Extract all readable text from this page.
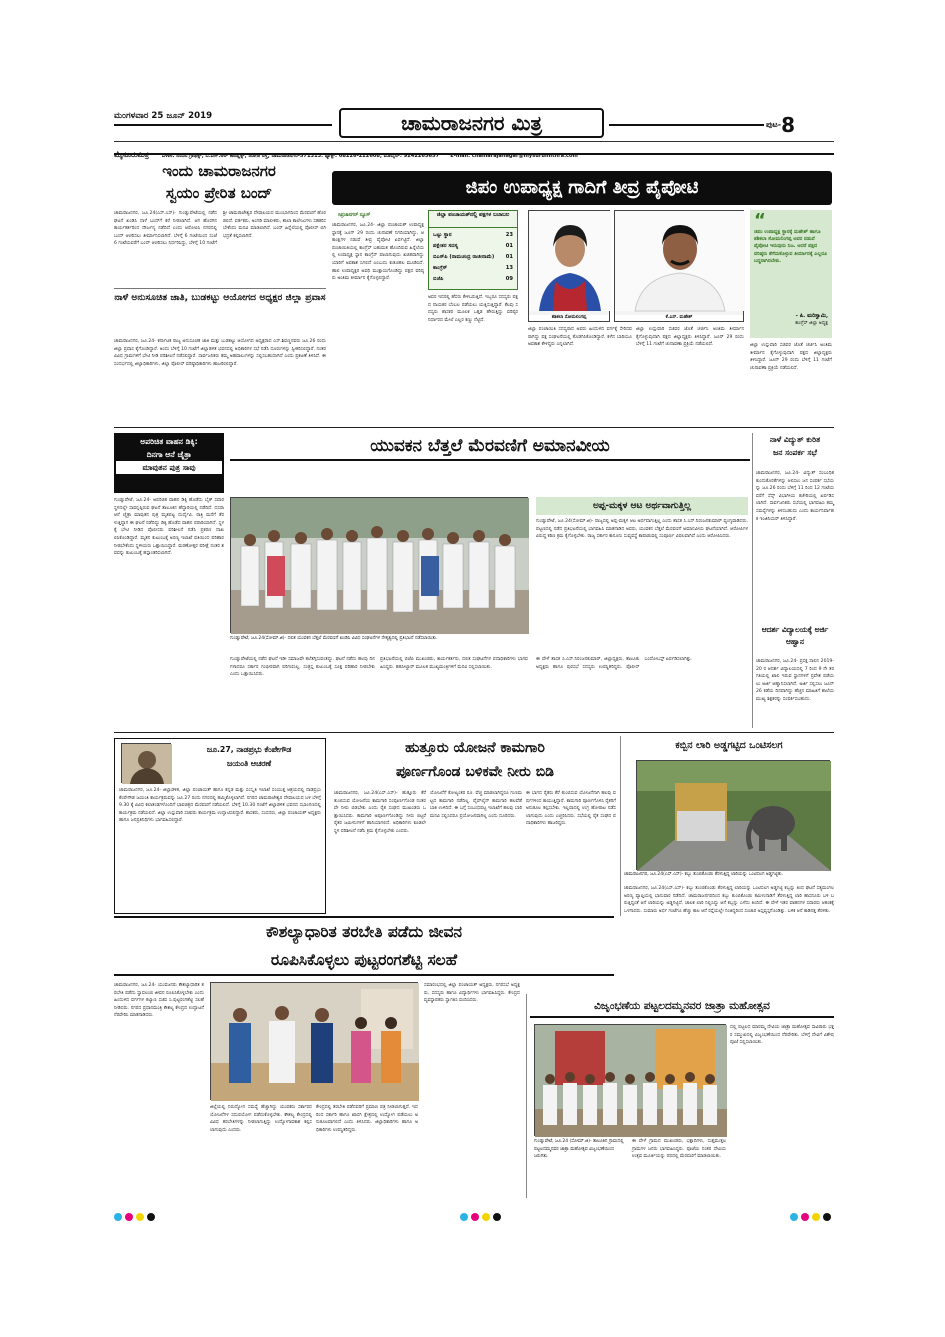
ಮಂಗಳವಾರ 25 ಜೂನ್ 2019	ಚಾಮರಾಜನಗರ ಮಿತ್ರ	ಪುಟ-8
ಮೈಸೂರುಮಿತ್ರ	ವಿಳಾಸ: ನಂದಿನಿ ಗ್ರಾಫಿಕ್ಸ್, ಬಿ.ಎಸ್.ಆರ್ ಕಾಂಪ್ಲೆಕ್ಸ್, ಜೋಡಿ ರಸ್ತೆ, ಚಾಮರಾಜನಗರ-571313. ಫ್ಯಾಕ್ಸ್: 08226-222608, ಮೊಬೈಲ್: 9242265657 E-mail: chamarajanagar@mysurumithra.com
ಇಂದು ಚಾಮರಾಜನಗರ
ಸ್ವಯಂ ಪ್ರೇರಿತ ಬಂದ್
ಚಾಮರಾಜನಗರ, ಜೂ.24(ಎಸ್.ಎಸ್)- ಗುಂಡ್ಲುಪೇಟೆಯಲ್ಲಿ ನಡೆದ ಘಟನೆ ಖಂಡಿಸಿ ನಾಳೆ ಬಂದ್‌ಗೆ ಕರೆ ನೀಡಲಾಗಿದೆ. ಆಗ ಹೊರಗಿನ ಕಾರ್ಯಕರ್ತರಿಂದ ದೌರ್ಜನ್ಯ ನಡೆದಿದೆ ಎಂದು ಆರೋಪಿಸಿ ನಗರದಲ್ಲಿ ಬಂದ್ ಆಚರಿಸಲು ತೀರ್ಮಾನಿಸಲಾಗಿದೆ. ಬೆಳಿಗ್ಗೆ 6 ಗಂಟೆಯಿಂದ ಸಂಜೆ 6 ಗಂಟೆಯವರೆಗೆ ಬಂದ್ ಆಚರಿಸಲು ನಿರ್ಧರಿಸಿದ್ದು, ಬೆಳಿಗ್ಗೆ 10 ಗಂಟೆಗೆ ಶ್ರೀ ಚಾಮರಾಜೇಶ್ವರ ದೇವಾಲಯದ ಮುಂಭಾಗದಿಂದ ಮೆರವಣಿಗೆ ಹೊರಡಲಿದೆ. ವರ್ತಕರು, ಅಂಗಡಿ ಮಾಲೀಕರು, ಶಾಲಾ ಕಾಲೇಜುಗಳು ಸಹಕರಿಸಬೇಕೆಂದು ಮನವಿ ಮಾಡಲಾಗಿದೆ. ಬಂದ್ ಹಿನ್ನೆಲೆಯಲ್ಲಿ ಪೊಲೀಸ್ ಬಿಗಿ ಭದ್ರತೆ ಕಲ್ಪಿಸಲಾಗಿದೆ.
ನಾಳೆ ಅನುಸೂಚಿತ ಜಾತಿ, ಬುಡಕಟ್ಟು ಆಯೋಗದ ಅಧ್ಯಕ್ಷರ ಜಿಲ್ಲಾ ಪ್ರವಾಸ
ಚಾಮರಾಜನಗರ, ಜೂ.24- ಕರ್ನಾಟಕ ರಾಜ್ಯ ಅನುಸೂಚಿತ ಜಾತಿ ಮತ್ತು ಬುಡಕಟ್ಟು ಆಯೋಗದ ಅಧ್ಯಕ್ಷರಾದ ಎಸ್.ಶಿವಣ್ಣನವರು ಜೂ.26 ರಂದು ಜಿಲ್ಲಾ ಪ್ರವಾಸ ಕೈಗೊಂಡಿದ್ದಾರೆ. ಅಂದು ಬೆಳಿಗ್ಗೆ 10 ಗಂಟೆಗೆ ಜಿಲ್ಲಾಡಳಿತ ಭವನದಲ್ಲಿ ಅಧಿಕಾರಿಗಳ ಸಭೆ ನಡೆಸಿ ದೂರುಗಳನ್ನು ಸ್ವೀಕರಿಸಲಿದ್ದಾರೆ. ನಂತರ ವಿವಿಧ ಗ್ರಾಮಗಳಿಗೆ ಭೇಟಿ ನೀಡಿ ಪರಿಶೀಲನೆ ನಡೆಸಲಿದ್ದಾರೆ. ಸಾರ್ವಜನಿಕರು ತಮ್ಮ ಅಹವಾಲುಗಳನ್ನು ಸಲ್ಲಿಸಬಹುದಾಗಿದೆ ಎಂದು ಪ್ರಕಟಣೆ ತಿಳಿಸಿದೆ. ಈ ಸಂದರ್ಭದಲ್ಲಿ ಜಿಲ್ಲಾಧಿಕಾರಿಗಳು, ಜಿಲ್ಲಾ ಪೊಲೀಸ್ ವರಿಷ್ಠಾಧಿಕಾರಿಗಳು ಹಾಜರಿರಲಿದ್ದಾರೆ.
ಜಿಪಂ ಉಪಾಧ್ಯಕ್ಷ ಗಾದಿಗೆ ತೀವ್ರ ಪೈಪೋಟಿ
ಸಿಪ್ರಜಾನಗರ್ ನ್ಯೂಸ್
ಚಾಮರಾಜನಗರ, ಜೂ.24- ಜಿಲ್ಲಾ ಪಂಚಾಯತ್ ಉಪಾಧ್ಯಕ್ಷ ಸ್ಥಾನಕ್ಕೆ ಜೂನ್ 29 ರಂದು ಚುನಾವಣೆ ನಿಗದಿಯಾಗಿದ್ದು, ಆಕಾಂಕ್ಷಿಗಳ ನಡುವೆ ತೀವ್ರ ಪೈಪೋಟಿ ಏರ್ಪಟ್ಟಿದೆ. ಜಿಲ್ಲಾ ಪಂಚಾಯಿತಿಯಲ್ಲಿ ಕಾಂಗ್ರೆಸ್ ಬಹುಮತ ಹೊಂದಿರುವ ಹಿನ್ನೆಲೆಯಲ್ಲಿ ಉಪಾಧ್ಯಕ್ಷ ಸ್ಥಾನ ಕಾಂಗ್ರೆಸ್ ಪಾಲಾಗುವುದು ಖಚಿತವಾಗಿದ್ದು ಯಾರಿಗೆ ಅವಕಾಶ ಸಿಗಲಿದೆ ಎಂಬುದು ಕುತೂಹಲ ಮೂಡಿಸಿದೆ. ಹಾಲಿ ಉಪಾಧ್ಯಕ್ಷರ ಅವಧಿ ಮುಕ್ತಾಯಗೊಂಡಿದ್ದು ಪಕ್ಷದ ವರಿಷ್ಠರು ಅಂತಿಮ ತೀರ್ಮಾನ ಕೈಗೊಳ್ಳಲಿದ್ದಾರೆ.
ಜಿಲ್ಲಾ ಪಂಚಾಯತ್‌ನಲ್ಲಿ ಪಕ್ಷಗಳ ಬಲಾಬಲ
ಒಟ್ಟು ಸ್ಥಾನ	23
ಪಕ್ಷೇತರ ಸದಸ್ಯ	01
ಬಿಎಸ್‌ಪಿ (ರಾಮಚಂದ್ರ ರಾಜೀನಾಮೆ) 01
ಕಾಂಗ್ರೆಸ್	13
ಬಿಜೆಪಿ	09
ಅವರ ಇದರಲ್ಲಿ ಹೆಸರು ಕೇಳಿಬರುತ್ತಿದೆ. ಇಬ್ಬರೂ ಸದಸ್ಯರು ಪಕ್ಷದ ನಾಯಕರ ಬೆಂಬಲ ಪಡೆಯಲು ಯತ್ನಿಸುತ್ತಿದ್ದಾರೆ. ಕೆಲವು ಸದಸ್ಯರು ಶಾಸಕರ ಮೂಲಕ ಒತ್ತಡ ಹೇರುತ್ತಿದ್ದು ವರಿಷ್ಠರ ನಿರ್ಧಾರದ ಮೇಲೆ ಎಲ್ಲರ ಕಣ್ಣು ನೆಟ್ಟಿದೆ.
ಶಶಿಕಲಾ ಸೋಮಲಿಂಗಪ್ಪ	ಕೆ.ಎಸ್. ಮಹೇಶ್
ಜಿಲ್ಲಾ ಪಂಚಾಯಿತಿ ಸದಸ್ಯರಾದ ಅವರು ಹಿಂದುಳಿದ ವರ್ಗಕ್ಕೆ ಸೇರಿದವರಾಗಿದ್ದು ಪಕ್ಷ ಸಂಘಟನೆಯಲ್ಲಿ ತೊಡಗಿಸಿಕೊಂಡಿದ್ದಾರೆ. ಕಳೆದ ಬಾರಿಯೂ ಅವಕಾಶ ಕೇಳಿದ್ದರು ಎನ್ನಲಾಗಿದೆ.
ಜಿಲ್ಲಾ ಉಸ್ತುವಾರಿ ಸಚಿವರ ಜೊತೆ ಚರ್ಚಿಸಿ ಅಂತಿಮ ತೀರ್ಮಾನ ಕೈಗೊಳ್ಳುವುದಾಗಿ ಪಕ್ಷದ ಜಿಲ್ಲಾಧ್ಯಕ್ಷರು ತಿಳಿಸಿದ್ದಾರೆ. ಜೂನ್ 29 ರಂದು ಬೆಳಿಗ್ಗೆ 11 ಗಂಟೆಗೆ ಚುನಾವಣಾ ಪ್ರಕ್ರಿಯೆ ನಡೆಯಲಿದೆ.
“
ಜಿಪಂ ಉಪಾಧ್ಯಕ್ಷ ಸ್ಥಾನಕ್ಕೆ ಮಹೇಶ್ ಹಾಗೂ ಶಶಿಕಲಾ ಸೋಮಲಿಂಗಪ್ಪ ಅವರ ನಡುವೆ ಪೈಪೋಟಿ ಇರುವುದು ನಿಜ. ಆದರೆ ಪಕ್ಷದ ವರಿಷ್ಠರು ತೆಗೆದುಕೊಳ್ಳುವ ತೀರ್ಮಾನಕ್ಕೆ ಎಲ್ಲರೂ ಬದ್ಧರಾಗಿರಬೇಕು.
- ಪಿ. ಮರಿಸ್ವಾಮಿ,
ಕಾಂಗ್ರೆಸ್ ಜಿಲ್ಲಾ ಅಧ್ಯಕ್ಷ
ಜಿಲ್ಲಾ ಉಸ್ತುವಾರಿ ಸಚಿವರ ಜೊತೆ ಚರ್ಚಿಸಿ ಅಂತಿಮ ತೀರ್ಮಾನ ಕೈಗೊಳ್ಳುವುದಾಗಿ ಪಕ್ಷದ ಜಿಲ್ಲಾಧ್ಯಕ್ಷರು ತಿಳಿಸಿದ್ದಾರೆ. ಜೂನ್ 29 ರಂದು ಬೆಳಿಗ್ಗೆ 11 ಗಂಟೆಗೆ ಚುನಾವಣಾ ಪ್ರಕ್ರಿಯೆ ನಡೆಯಲಿದೆ.
ಅಪರಿಚಿತ ವಾಹನ ಡಿಕ್ಕಿ:
ದಿನಗಾ ಆನೆ ಚೈತ್ರಾ
ಮಾವುತನ ಪುತ್ರ ಸಾವು
ಗುಂಡ್ಲುಪೇಟೆ, ಜೂ.24- ಅಪರಿಚಿತ ವಾಹನ ಡಿಕ್ಕಿ ಹೊಡೆದು ಬೈಕ್ ಸವಾರ ಸ್ಥಳದಲ್ಲೇ ಸಾವನ್ನಪ್ಪಿರುವ ಘಟನೆ ತಾಲೂಕಿನ ಹೆದ್ದಾರಿಯಲ್ಲಿ ನಡೆದಿದೆ. ದಸರಾ ಆನೆ ಚೈತ್ರಾ ಮಾವುತನ ಪುತ್ರ ಮೃತಪಟ್ಟ ದುರ್ದೈವಿ. ರಾತ್ರಿ ಮನೆಗೆ ತೆರಳುತ್ತಿದ್ದಾಗ ಈ ಘಟನೆ ನಡೆದಿದ್ದು ಡಿಕ್ಕಿ ಹೊಡೆದ ವಾಹನ ಪರಾರಿಯಾಗಿದೆ. ಸ್ಥಳಕ್ಕೆ ಭೇಟಿ ನೀಡಿದ ಪೊಲೀಸರು ಪರಿಶೀಲನೆ ನಡೆಸಿ ಪ್ರಕರಣ ದಾಖಲಿಸಿಕೊಂಡಿದ್ದಾರೆ. ಮೃತನ ಕುಟುಂಬಕ್ಕೆ ಅರಣ್ಯ ಇಲಾಖೆ ವತಿಯಿಂದ ಪರಿಹಾರ ನೀಡಬೇಕೆಂದು ಸ್ಥಳೀಯರು ಒತ್ತಾಯಿಸಿದ್ದಾರೆ. ಮರಣೋತ್ತರ ಪರೀಕ್ಷೆ ನಂತರ ಶವವನ್ನು ಕುಟುಂಬಕ್ಕೆ ಹಸ್ತಾಂತರಿಸಲಾಗಿದೆ.
ಯುವಕನ ಬೆತ್ತಲೆ ಮೆರವಣಿಗೆ ಅಮಾನವೀಯ
ಗುಂಡ್ಲುಪೇಟೆ, ಜೂ.24(ಸೋಮ್.ಜಿ)- ದಲಿತ ಯುವಕನ ಬೆತ್ತಲೆ ಮೆರವಣಿಗೆ ಖಂಡಿಸಿ ವಿವಿಧ ಸಂಘಟನೆಗಳ ನೇತೃತ್ವದಲ್ಲಿ ಪ್ರತಿಭಟನೆ ನಡೆಸಲಾಯಿತು.
ಗುಂಡ್ಲುಪೇಟೆಯಲ್ಲಿ ನಡೆದ ಘಟನೆ ಇಡೀ ಸಮಾಜವೇ ತಲೆತಗ್ಗಿಸುವಂತದ್ದು. ಘಟನೆ ನಡೆದು ಹಲವು ದಿನಗಳಾದರೂ ಸರ್ಕಾರ ಗಂಭೀರವಾಗಿ ಪರಿಗಣಿಸಿಲ್ಲ. ಸಂತ್ರಸ್ತ ಕುಟುಂಬಕ್ಕೆ ಸೂಕ್ತ ಪರಿಹಾರ ನೀಡಬೇಕು ಎಂದು ಒತ್ತಾಯಿಸಿದರು.
ಪ್ರತಿಭಟನೆಯಲ್ಲಿ ಬಿಜೆಪಿ ಮುಖಂಡರು, ಕಾರ್ಯಕರ್ತರು, ದಲಿತ ಸಂಘಟನೆಗಳ ಪದಾಧಿಕಾರಿಗಳು ಭಾಗವಹಿಸಿದ್ದರು. ತಹಸೀಲ್ದಾರ್ ಮೂಲಕ ಮುಖ್ಯಮಂತ್ರಿಗಳಿಗೆ ಮನವಿ ಸಲ್ಲಿಸಲಾಯಿತು.
ಅಪ್ಪ-ಮಕ್ಕಳ ಆಟ ಅರ್ಥವಾಗುತ್ತಿಲ್ಲ
ಗುಂಡ್ಲುಪೇಟೆ, ಜೂ.24(ಸೋಮ್.ಜಿ)- ರಾಜ್ಯದಲ್ಲಿ ಅಪ್ಪ-ಮಕ್ಕಳ ಆಟ ಅರ್ಥವಾಗುತ್ತಿಲ್ಲ ಎಂದು ಶಾಸಕ ಸಿ.ಎಸ್.ನಿರಂಜನಕುಮಾರ್ ವ್ಯಂಗ್ಯವಾಡಿದರು. ಪಟ್ಟಣದಲ್ಲಿ ನಡೆದ ಪ್ರತಿಭಟನೆಯಲ್ಲಿ ಭಾಗವಹಿಸಿ ಮಾತನಾಡಿದ ಅವರು, ಯುವಕನ ಬೆತ್ತಲೆ ಮೆರವಣಿಗೆ ಅಮಾನವೀಯ ಘಟನೆಯಾಗಿದೆ. ಆರೋಪಿಗಳ ವಿರುದ್ಧ ಕಠಿಣ ಕ್ರಮ ಕೈಗೊಳ್ಳಬೇಕು. ರಾಜ್ಯ ಸರ್ಕಾರ ಕಾನೂನು ಸುವ್ಯವಸ್ಥೆ ಕಾಪಾಡುವಲ್ಲಿ ಸಂಪೂರ್ಣ ವಿಫಲವಾಗಿದೆ ಎಂದು ಆರೋಪಿಸಿದರು.
ಈ ವೇಳೆ ಶಾಸಕ ಸಿ.ಎಸ್.ನಿರಂಜನಕುಮಾರ್, ಜಿಲ್ಲಾಧ್ಯಕ್ಷರು, ತಾಲೂಕು ಅಧ್ಯಕ್ಷರು ಹಾಗೂ ಪುರಸಭೆ ಸದಸ್ಯರು ಉಪಸ್ಥಿತರಿದ್ದರು. ಪೊಲೀಸ್ ಬಂದೋಬಸ್ತ್ ಏರ್ಪಡಿಸಲಾಗಿತ್ತು.
ನಾಳೆ ವಿದ್ಯುತ್ ಕುರಿತ
ಜನ ಸಂಪರ್ಕ ಸಭೆ
ಚಾಮರಾಜನಗರ, ಜೂ.24- ವಿದ್ಯುತ್ ಸಂಬಂಧಿತ ಕುಂದುಕೊರತೆಗಳನ್ನು ಆಲಿಸಲು ಜನ ಸಂಪರ್ಕ ಸಭೆಯನ್ನು ಜೂ.26 ರಂದು ಬೆಳಿಗ್ಗೆ 11 ರಿಂದ 12 ಗಂಟೆಯವರೆಗೆ ಸೆಸ್ಕ್ ವಿಭಾಗೀಯ ಕಚೇರಿಯಲ್ಲಿ ಏರ್ಪಡಿಸಲಾಗಿದೆ. ಸಾರ್ವಜನಿಕರು ಸಭೆಯಲ್ಲಿ ಭಾಗವಹಿಸಿ ತಮ್ಮ ಸಮಸ್ಯೆಗಳನ್ನು ತಿಳಿಸಬಹುದು ಎಂದು ಕಾರ್ಯನಿರ್ವಾಹಕ ಇಂಜಿನಿಯರ್ ತಿಳಿಸಿದ್ದಾರೆ.
ಆದರ್ಶ ವಿದ್ಯಾಲಯಕ್ಕೆ ಅರ್ಜಿ ಆಹ್ವಾನ
ಚಾಮರಾಜನಗರ, ಜೂ.24- ಪ್ರಸಕ್ತ ಸಾಲಿನ 2019-20 ರ ಆದರ್ಶ ವಿದ್ಯಾಲಯದಲ್ಲಿ 7 ರಿಂದ 9 ನೇ ತರಗತಿಯಲ್ಲಿ ಖಾಲಿ ಇರುವ ಸ್ಥಾನಗಳಿಗೆ ಪ್ರವೇಶ ಪಡೆಯಲು ಅರ್ಜಿ ಆಹ್ವಾನಿಸಲಾಗಿದೆ. ಅರ್ಜಿ ಸಲ್ಲಿಸಲು ಜೂನ್ 26 ಕಡೆಯ ದಿನವಾಗಿದ್ದು ಹೆಚ್ಚಿನ ಮಾಹಿತಿಗೆ ಶಾಲೆಯ ಮುಖ್ಯ ಶಿಕ್ಷಕರನ್ನು ಸಂಪರ್ಕಿಸಬಹುದು.
ಜೂ.27, ನಾಡಪ್ರಭು ಕೆಂಪೇಗೌಡ
ಜಯಂತಿ ಆಚರಣೆ
ಚಾಮರಾಜನಗರ, ಜೂ.24- ಜಿಲ್ಲಾಡಳಿತ, ಜಿಲ್ಲಾ ಪಂಚಾಯತ್ ಹಾಗೂ ಕನ್ನಡ ಮತ್ತು ಸಂಸ್ಕೃತಿ ಇಲಾಖೆ ಸಂಯುಕ್ತ ಆಶ್ರಯದಲ್ಲಿ ನಾಡಪ್ರಭು ಕೆಂಪೇಗೌಡ ಜಯಂತಿ ಕಾರ್ಯಕ್ರಮವನ್ನು ಜೂ.27 ರಂದು ನಗರದಲ್ಲಿ ಹಮ್ಮಿಕೊಳ್ಳಲಾಗಿದೆ. ನಗರದ ಚಾಮರಾಜೇಶ್ವರ ದೇವಾಲಯದ ಬಳಿ ಬೆಳಿಗ್ಗೆ 9.30 ಕ್ಕೆ ವಿವಿಧ ಕಲಾತಂಡಗಳೊಂದಿಗೆ ಭಾವಚಿತ್ರದ ಮೆರವಣಿಗೆ ನಡೆಯಲಿದೆ. ಬೆಳಿಗ್ಗೆ 10.30 ಗಂಟೆಗೆ ಜಿಲ್ಲಾಡಳಿತ ಭವನದ ಸಭಾಂಗಣದಲ್ಲಿ ಕಾರ್ಯಕ್ರಮ ನಡೆಯಲಿದೆ. ಜಿಲ್ಲಾ ಉಸ್ತುವಾರಿ ಸಚಿವರು ಕಾರ್ಯಕ್ರಮ ಉದ್ಘಾಟಿಸಲಿದ್ದಾರೆ. ಶಾಸಕರು, ಸಂಸದರು, ಜಿಲ್ಲಾ ಪಂಚಾಯತ್ ಅಧ್ಯಕ್ಷರು ಹಾಗೂ ಜನಪ್ರತಿನಿಧಿಗಳು ಭಾಗವಹಿಸಲಿದ್ದಾರೆ.
ಹುತ್ತೂರು ಯೋಜನೆ ಕಾಮಗಾರಿ
ಪೂರ್ಣಗೊಂಡ ಬಳಿಕವೇ ನೀರು ಬಿಡಿ
ಚಾಮರಾಜನಗರ, ಜೂ.24(ಎಸ್.ಎಸ್)- ಹುತ್ತೂರು ಕೆರೆ ತುಂಬಿಸುವ ಯೋಜನೆಯ ಕಾಮಗಾರಿ ಸಂಪೂರ್ಣಗೊಂಡ ನಂತರವೇ ನೀರು ಬಿಡಬೇಕು ಎಂದು ರೈತ ಸಂಘದ ಮುಖಂಡರು ಒತ್ತಾಯಿಸಿದರು. ಕಾಮಗಾರಿ ಅಪೂರ್ಣಗೊಂಡಿದ್ದು ನೀರು ಬಿಟ್ಟರೆ ರೈತರ ಜಮೀನುಗಳಿಗೆ ಹಾನಿಯಾಗಲಿದೆ. ಅಧಿಕಾರಿಗಳು ಕೂಡಲೇ ಸ್ಥಳ ಪರಿಶೀಲನೆ ನಡೆಸಿ ಕ್ರಮ ಕೈಗೊಳ್ಳಬೇಕು ಎಂದರು.
ಯೋಜನೆಗೆ ಕೋಟ್ಯಂತರ ರೂ. ವೆಚ್ಚ ಮಾಡಲಾಗಿದ್ದರೂ ಗುಣಮಟ್ಟದ ಕಾಮಗಾರಿ ನಡೆದಿಲ್ಲ. ಪೈಪ್‌ಲೈನ್ ಕಾಮಗಾರಿ ಹಲವೆಡೆ ಬಾಕಿ ಉಳಿದಿದೆ. ಈ ಬಗ್ಗೆ ಸಂಬಂಧಪಟ್ಟ ಇಲಾಖೆಗೆ ಹಲವು ಬಾರಿ ಮನವಿ ಸಲ್ಲಿಸಿದರೂ ಪ್ರಯೋಜನವಾಗಿಲ್ಲ ಎಂದು ದೂರಿದರು.
ಈ ಭಾಗದ ರೈತರು ಕೆರೆ ತುಂಬಿಸುವ ಯೋಜನೆಗಾಗಿ ಹಲವು ವರ್ಷಗಳಿಂದ ಕಾಯುತ್ತಿದ್ದಾರೆ. ಕಾಮಗಾರಿ ಪೂರ್ಣಗೊಳಿಸಿ ರೈತರಿಗೆ ಅನುಕೂಲ ಕಲ್ಪಿಸಬೇಕು. ಇಲ್ಲವಾದಲ್ಲಿ ಉಗ್ರ ಹೋರಾಟ ನಡೆಸಲಾಗುವುದು ಎಂದು ಎಚ್ಚರಿಸಿದರು. ಸಭೆಯಲ್ಲಿ ರೈತ ಸಂಘದ ಪದಾಧಿಕಾರಿಗಳು ಹಾಜರಿದ್ದರು.
ಕಬ್ಬಿನ ಲಾರಿ ಅಡ್ಡಗಟ್ಟಿದ ಒಂಟಿಸಲಗ
ಚಾಮರಾಜನಗರ, ಜೂ.24(ಎಸ್.ಎಸ್)- ಕಬ್ಬು ತುಂಬಿಕೊಂಡು ತೆರಳುತ್ತಿದ್ದ ಲಾರಿಯನ್ನು ಒಂಟಿಸಲಗ ಅಡ್ಡಗಟ್ಟಿತು.
ಚಾಮರಾಜನಗರ, ಜೂ.24(ಎಸ್.ಎಸ್)- ಕಬ್ಬು ತುಂಬಿಕೊಂಡು ತೆರಳುತ್ತಿದ್ದ ಲಾರಿಯನ್ನು ಒಂಟಿಸಲಗ ಅಡ್ಡಗಟ್ಟಿ ಕಬ್ಬನ್ನು ತಿಂದ ಘಟನೆ ಸತ್ಯಮಂಗಲ ಅರಣ್ಯ ವ್ಯಾಪ್ತಿಯಲ್ಲಿ ಭಾನುವಾರ ನಡೆದಿದೆ. ಚಾಮರಾಜನಗರದಿಂದ ಕಬ್ಬು ತುಂಬಿಕೊಂಡು ತಮಿಳುನಾಡಿಗೆ ತೆರಳುತ್ತಿದ್ದ ಲಾರಿ ಹಾಸನೂರು ಬಳಿ ಬರುತ್ತಿದ್ದಂತೆ ಆನೆ ಲಾರಿಯನ್ನು ಅಡ್ಡಗಟ್ಟಿದೆ. ಚಾಲಕ ಲಾರಿ ನಿಲ್ಲಿಸಿದ್ದು ಆನೆ ಕಬ್ಬನ್ನು ಎಳೆದು ತಿಂದಿದೆ. ಈ ವೇಳೆ ಇತರ ವಾಹನಗಳ ಸವಾರರು ಆತಂಕಕ್ಕೆ ಒಳಗಾದರು. ಸುಮಾರು ಅರ್ಧ ಗಂಟೆಗೂ ಹೆಚ್ಚು ಕಾಲ ಆನೆ ರಸ್ತೆಯಲ್ಲೇ ನಿಂತಿದ್ದರಿಂದ ಸಂಚಾರ ಅಸ್ತವ್ಯಸ್ತಗೊಂಡಿತ್ತು. ಬಳಿಕ ಆನೆ ಕಾಡಿನತ್ತ ತೆರಳಿತು.
ಕೌಶಲ್ಯಾಧಾರಿತ ತರಬೇತಿ ಪಡೆದು ಜೀವನ
ರೂಪಿಸಿಕೊಳ್ಳಲು ಪುಟ್ಟರಂಗಶೆಟ್ಟಿ ಸಲಹೆ
ಚಾಮರಾಜನಗರ, ಜೂ.24- ಯುವಜನರು ಕೌಶಲ್ಯಾಧಾರಿತ ತರಬೇತಿ ಪಡೆದು ಸ್ವಾವಲಂಬಿ ಜೀವನ ರೂಪಿಸಿಕೊಳ್ಳಬೇಕು ಎಂದು ಹಿಂದುಳಿದ ವರ್ಗಗಳ ಕಲ್ಯಾಣ ಸಚಿವ ಸಿ.ಪುಟ್ಟರಂಗಶೆಟ್ಟಿ ಸಲಹೆ ನೀಡಿದರು. ನಗರದ ಪ್ರಧಾನಮಂತ್ರಿ ಕೌಶಲ್ಯ ಕೇಂದ್ರದ ಉದ್ಘಾಟನೆ ನೆರವೇರಿಸಿ ಮಾತನಾಡಿದರು.
ಜಿಲ್ಲೆಯಲ್ಲಿ ನಿರುದ್ಯೋಗ ಸಮಸ್ಯೆ ಹೆಚ್ಚಾಗಿದ್ದು ಯುವಕರು ಸರ್ಕಾರದ ಯೋಜನೆಗಳ ಸದುಪಯೋಗ ಪಡೆದುಕೊಳ್ಳಬೇಕು. ಕೌಶಲ್ಯ ಕೇಂದ್ರದಲ್ಲಿ ವಿವಿಧ ತರಬೇತಿಗಳನ್ನು ನೀಡಲಾಗುತ್ತಿದ್ದು ಉದ್ಯೋಗಾವಕಾಶ ಕಲ್ಪಿಸಲಾಗುವುದು ಎಂದರು.
ಕೇಂದ್ರದಲ್ಲಿ ತರಬೇತಿ ಪಡೆದವರಿಗೆ ಪ್ರಮಾಣ ಪತ್ರ ನೀಡಲಾಗುತ್ತದೆ. ಇದರಿಂದ ಸರ್ಕಾರಿ ಹಾಗೂ ಖಾಸಗಿ ಕ್ಷೇತ್ರದಲ್ಲಿ ಉದ್ಯೋಗ ಪಡೆಯಲು ಅನುಕೂಲವಾಗಲಿದೆ ಎಂದು ತಿಳಿಸಿದರು. ಜಿಲ್ಲಾಧಿಕಾರಿಗಳು ಹಾಗೂ ಅಧಿಕಾರಿಗಳು ಉಪಸ್ಥಿತರಿದ್ದರು.
ಸಮಾರಂಭದಲ್ಲಿ ಜಿಲ್ಲಾ ಪಂಚಾಯತ್ ಅಧ್ಯಕ್ಷರು, ನಗರಸಭೆ ಅಧ್ಯಕ್ಷರು, ಸದಸ್ಯರು ಹಾಗೂ ವಿದ್ಯಾರ್ಥಿಗಳು ಭಾಗವಹಿಸಿದ್ದರು. ಕೇಂದ್ರದ ವ್ಯವಸ್ಥಾಪಕರು ಸ್ವಾಗತಿಸಿ ವಂದಿಸಿದರು.	ವಿಜೃಂಭಣೆಯ ಪಟ್ಟಲದಮ್ಮನವರ ಜಾತ್ರಾ ಮಹೋತ್ಸವ
ದಲ್ಲಿ ಪಟ್ಟಲದ ಮಾರಮ್ಮ ದೇವಿಯ ಜಾತ್ರಾ ಮಹೋತ್ಸವ ಸಾವಿರಾರು ಭಕ್ತರ ಸಮ್ಮುಖದಲ್ಲಿ ವಿಜೃಂಭಣೆಯಿಂದ ನೆರವೇರಿತು. ಬೆಳಿಗ್ಗೆ ದೇವಿಗೆ ವಿಶೇಷ ಪೂಜೆ ಸಲ್ಲಿಸಲಾಯಿತು.
ಗುಂಡ್ಲುಪೇಟೆ, ಜೂ.24 (ಸೋಮ್.ಜಿ)- ತಾಲೂಕಿನ ಗ್ರಾಮದಲ್ಲಿ ಪಟ್ಟಲದಮ್ಮನವರ ಜಾತ್ರಾ ಮಹೋತ್ಸವ ವಿಜೃಂಭಣೆಯಿಂದ ಜರುಗಿತು.
ಈ ವೇಳೆ ಗ್ರಾಮದ ಮುಖಂಡರು, ಭಕ್ತಾದಿಗಳು, ಸುತ್ತಮುತ್ತಲ ಗ್ರಾಮಗಳ ಜನರು ಭಾಗವಹಿಸಿದ್ದರು. ಪೂಜೆಯ ನಂತರ ದೇವಿಯ ಉತ್ಸವ ಮೂರ್ತಿಯನ್ನು ರಥದಲ್ಲಿ ಮೆರವಣಿಗೆ ಮಾಡಲಾಯಿತು.
